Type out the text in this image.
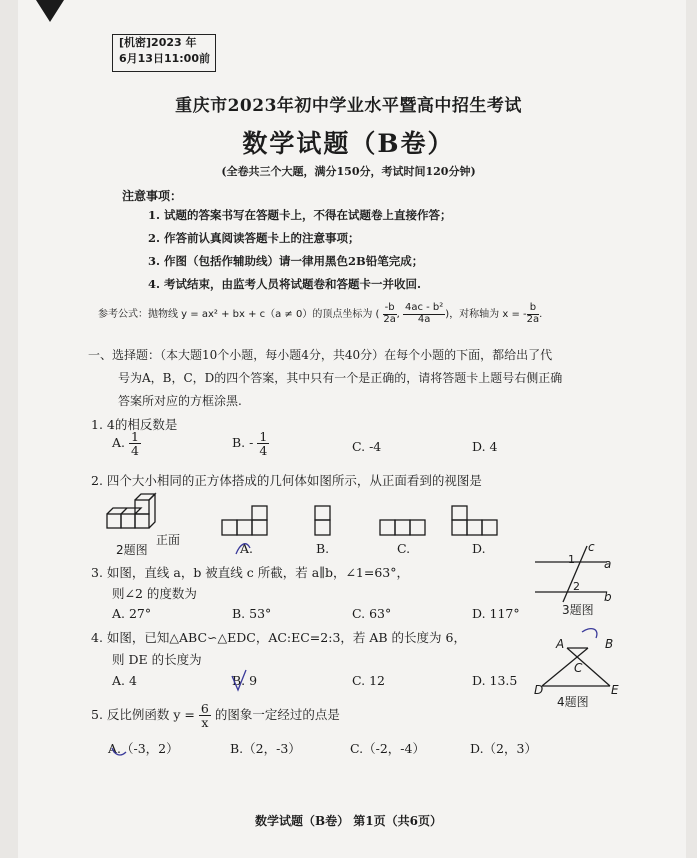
[机密]2023 年
6月13日11:00前
重庆市2023年初中学业水平暨高中招生考试
数学试题（B卷）
(全卷共三个大题，满分150分，考试时间120分钟)
注意事项：
1. 试题的答案书写在答题卡上，不得在试题卷上直接作答；
2. 作答前认真阅读答题卡上的注意事项；
3. 作图（包括作辅助线）请一律用黑色2B铅笔完成；
4. 考试结束，由监考人员将试题卷和答题卡一并收回.
参考公式：抛物线 y = ax² + bx + c（a ≠ 0）的顶点坐标为 ( $\frac{-b}{2a}$ , $\frac{\text{4ac - b²}}{4a}$ )，对称轴为 x = - $\frac{b}{2a}$ .
一、选择题：（本大题10个小题，每小题4分，共40分）在每个小题的下面，都给出了代
号为A，B，C，D的四个答案，其中只有一个是正确的，请将答题卡上题号右侧正确
答案所对应的方框涂黑.
1. 4的相反数是
A. $\frac{1}{4}$	B. - $\frac{1}{4}$	C. -4	D. 4
2. 四个大小相同的正方体搭成的几何体如图所示，从正面看到的视图是
正面
2题图	A.	B.	C.	D.
3. 如图，直线 a，b 被直线 c 所截，若 a∥b，∠1=63°，
则∠2 的度数为
A. 27°	B. 53°	C. 63°	D. 117°
c
a
b
1
2
3题图
4. 如图，已知△ABC∽△EDC，AC:EC=2:3，若 AB 的长度为 6，
则 DE 的长度为
A. 4	B. 9	C. 12	D. 13.5
A	B
C
D	E
4题图
5. 反比例函数 $y = \frac{6}{x}$ 的图象一定经过的点是
A.（-3，2）	B.（2，-3）	C.（-2，-4）	D.（2，3）
数学试题（B卷） 第1页（共6页）
